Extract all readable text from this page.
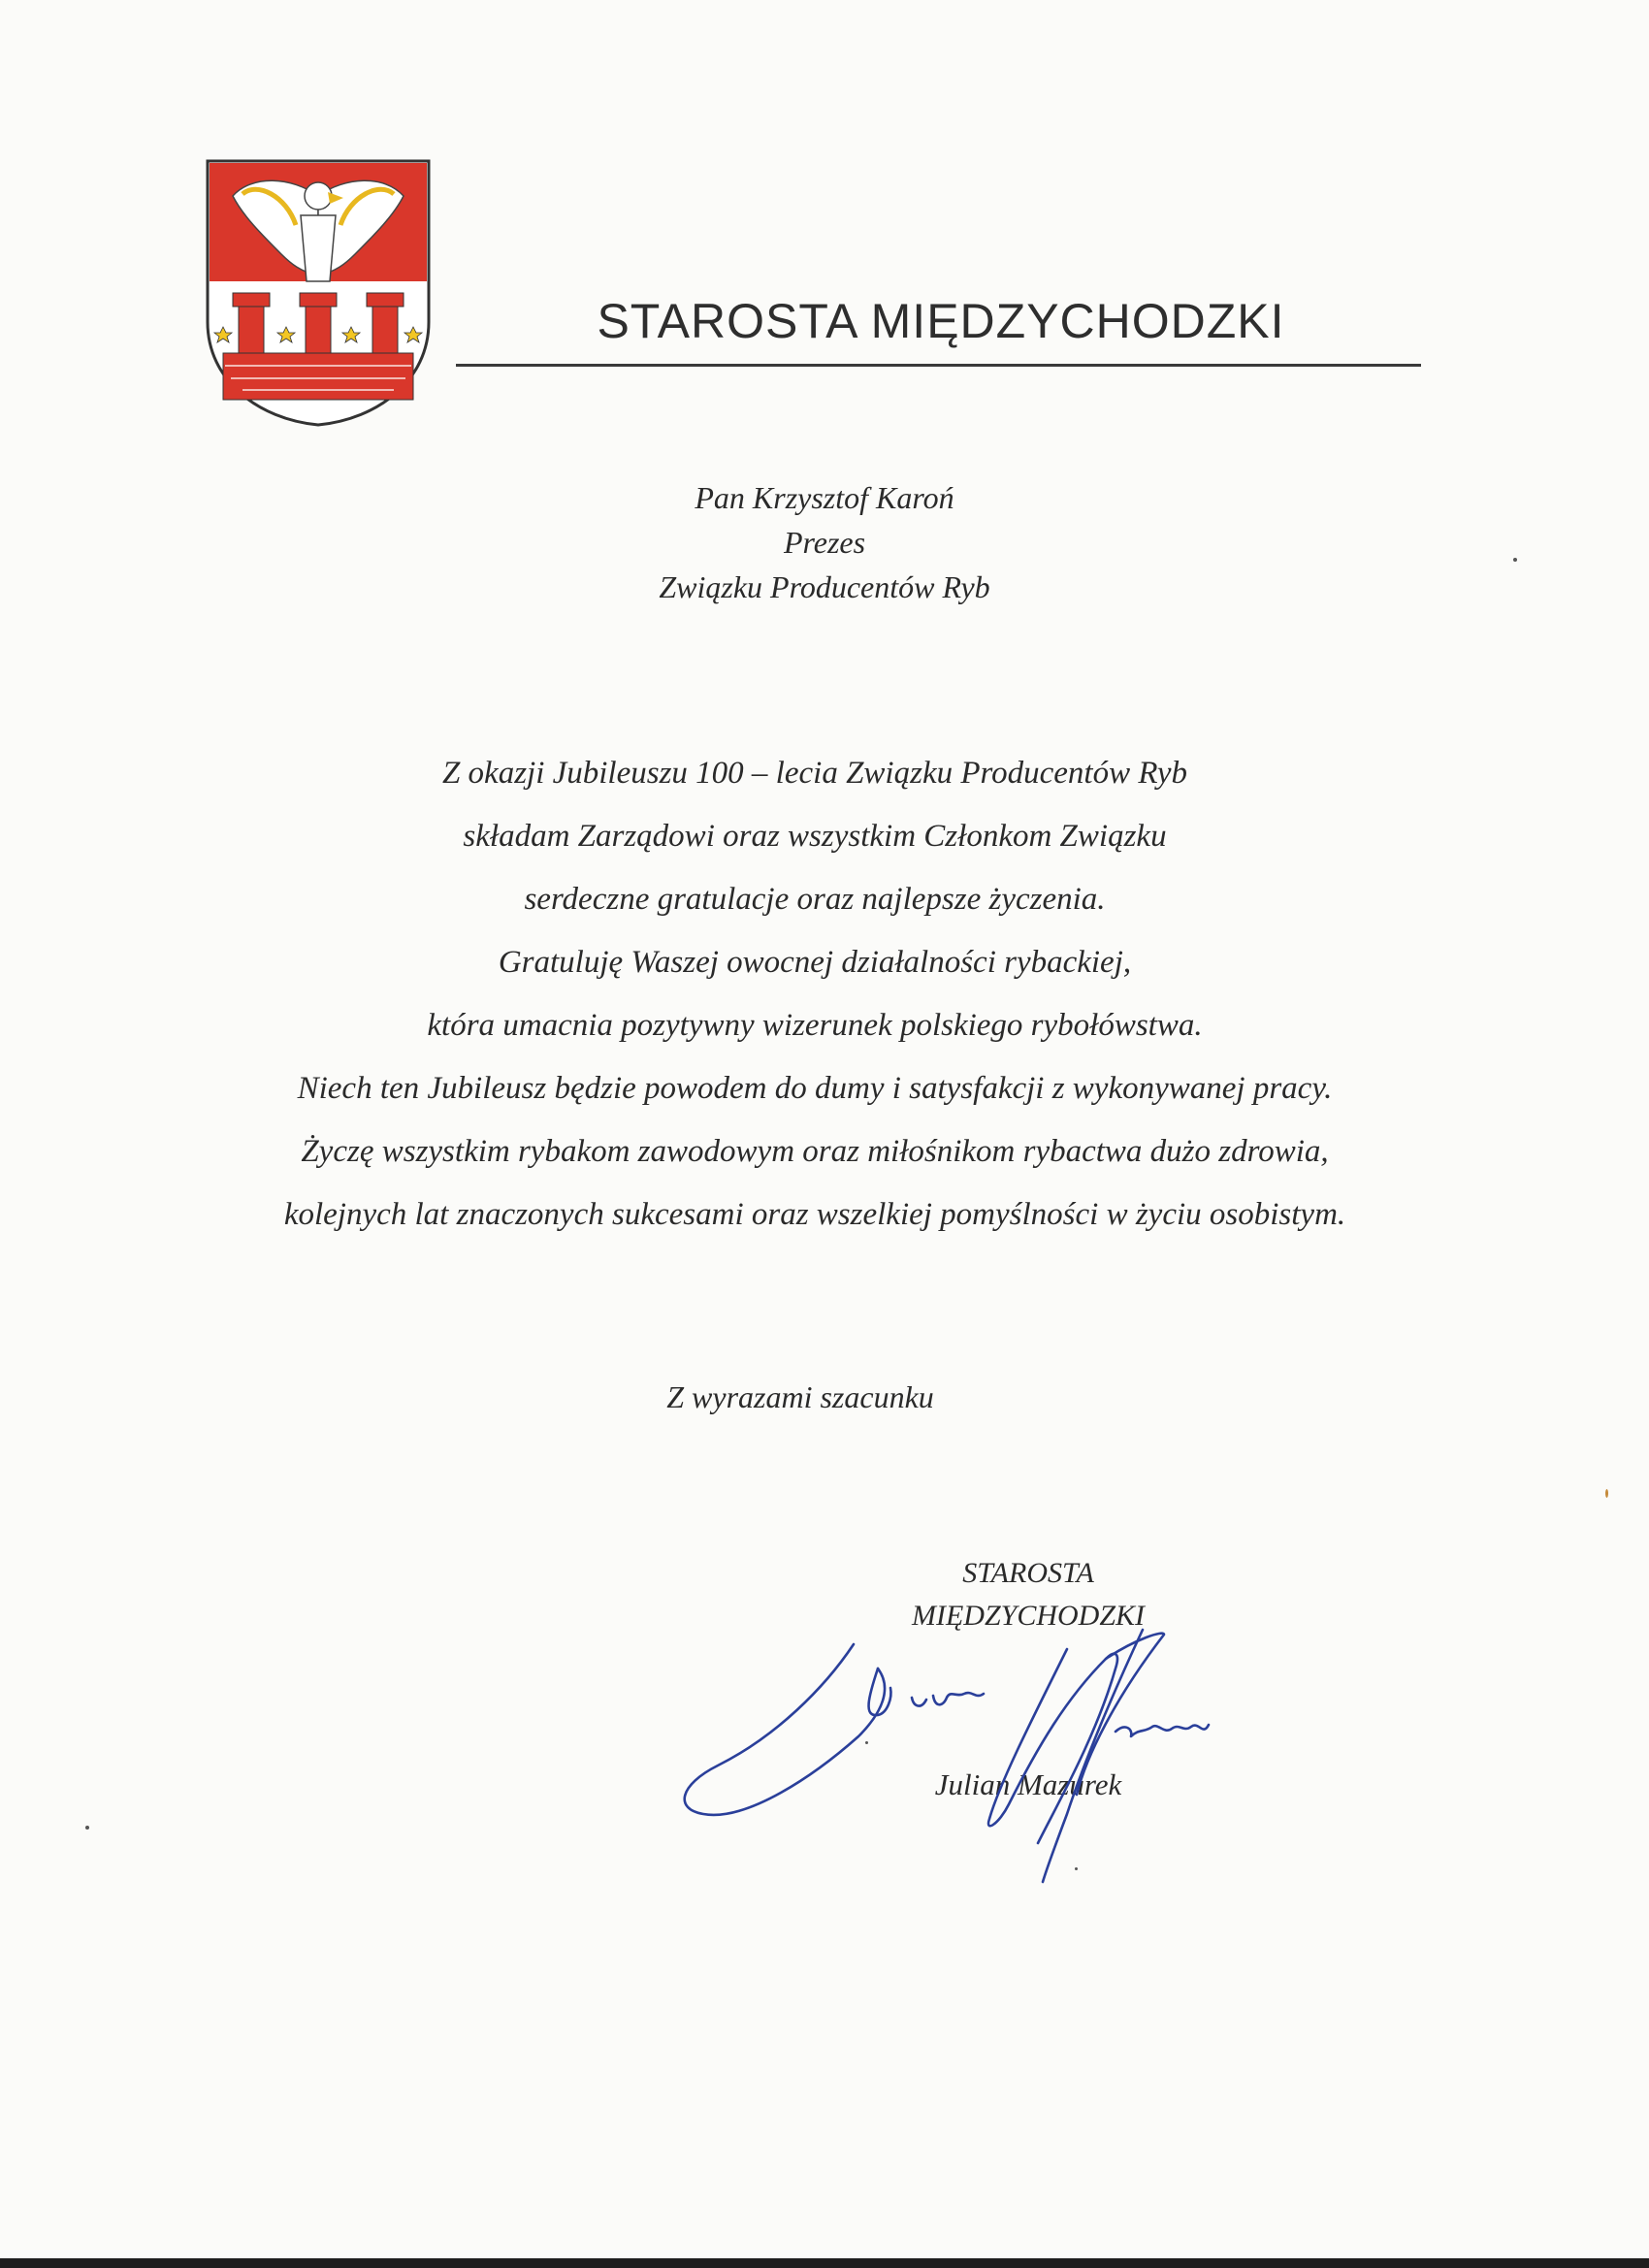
STAROSTA MIĘDZYCHODZKI
Pan Krzysztof Karoń
Prezes
Związku Producentów Ryb
Z okazji Jubileuszu 100 – lecia Związku Producentów Ryb
składam Zarządowi oraz wszystkim Członkom Związku
serdeczne gratulacje oraz najlepsze życzenia.
Gratuluję Waszej owocnej działalności rybackiej,
która umacnia pozytywny wizerunek polskiego rybołówstwa.
Niech ten Jubileusz będzie powodem do dumy i satysfakcji z wykonywanej pracy.
Życzę wszystkim rybakom zawodowym oraz miłośnikom rybactwa dużo zdrowia,
kolejnych lat znaczonych sukcesami oraz wszelkiej pomyślności w życiu osobistym.
Z wyrazami szacunku
STAROSTA
MIĘDZYCHODZKI
Julian Mazurek
